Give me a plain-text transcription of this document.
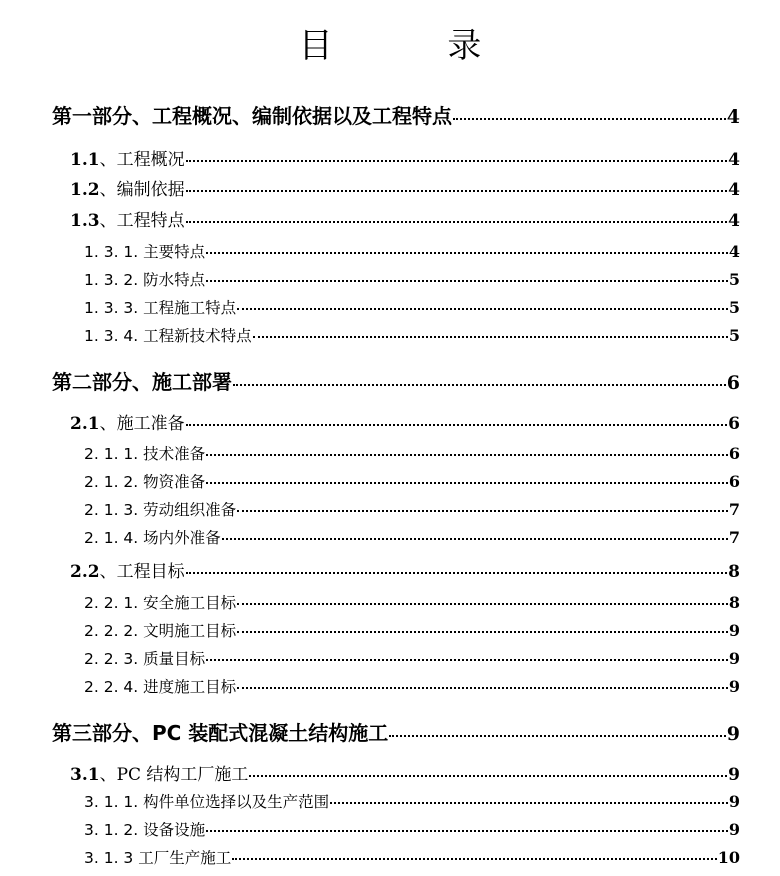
目 录
第一部分、工程概况、编制依据以及工程特点	4
1.1、工程概况	4
1.2、编制依据	4
1.3、工程特点	4
1. 3. 1. 主要特点	4
1. 3. 2. 防水特点	5
1. 3. 3. 工程施工特点	5
1. 3. 4. 工程新技术特点	5
第二部分、施工部署	6
2.1、施工准备	6
2. 1. 1. 技术准备	6
2. 1. 2. 物资准备	6
2. 1. 3. 劳动组织准备	7
2. 1. 4. 场内外准备	7
2.2、工程目标	8
2. 2. 1. 安全施工目标	8
2. 2. 2. 文明施工目标	9
2. 2. 3. 质量目标	9
2. 2. 4. 进度施工目标	9
第三部分、PC 装配式混凝土结构施工	9
3.1、PC 结构工厂施工	9
3. 1. 1. 构件单位选择以及生产范围	9
3. 1. 2. 设备设施	9
3. 1. 3 工厂生产施工	10
